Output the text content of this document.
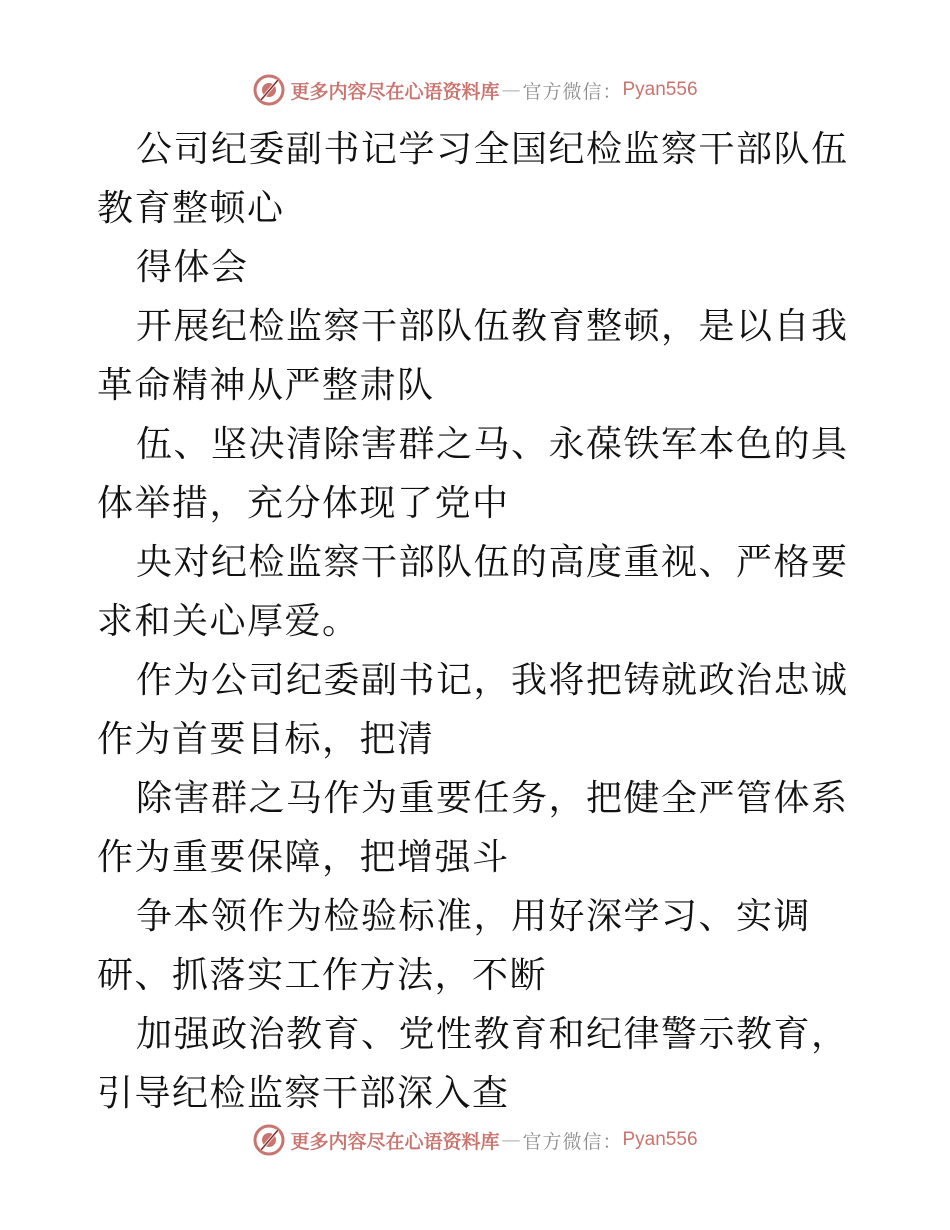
更多内容尽在心语资料库 — 官方微信： Pyan556

公司纪委副书记学习全国纪检监察干部队伍教育整顿心

得体会

开展纪检监察干部队伍教育整顿，是以自我革命精神从严整肃队

伍、坚决清除害群之马、永葆铁军本色的具体举措，充分体现了党中

央对纪检监察干部队伍的高度重视、严格要求和关心厚爱。

作为公司纪委副书记，我将把铸就政治忠诚作为首要目标，把清

除害群之马作为重要任务，把健全严管体系作为重要保障，把增强斗

争本领作为检验标准，用好深学习、实调研、抓落实工作方法，不断

加强政治教育、党性教育和纪律警示教育，引导纪检监察干部深入查

更多内容尽在心语资料库 — 官方微信： Pyan556
